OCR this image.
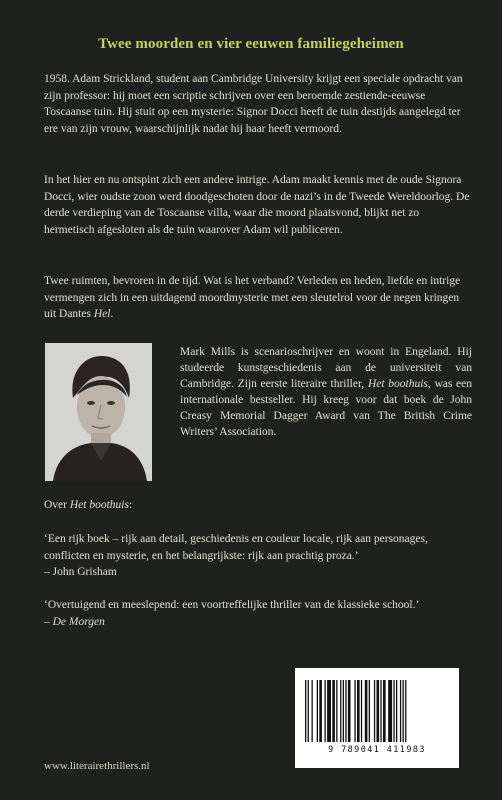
Twee moorden en vier eeuwen familiegeheimen

1958. Adam Strickland, student aan Cambridge University krijgt een speciale opdracht van zijn professor: hij moet een scriptie schrijven over een beroemde zestiende-eeuwse Toscaanse tuin. Hij stuit op een mysterie: Signor Docci heeft de tuin destijds aangelegd ter ere van zijn vrouw, waarschijnlijk nadat hij haar heeft vermoord.

In het hier en nu ontspint zich een andere intrige. Adam maakt kennis met de oude Signora Docci, wier oudste zoon werd doodgeschoten door de nazi’s in de Tweede Wereldoorlog. De derde verdieping van de Toscaanse villa, waar die moord plaatsvond, blijkt net zo hermetisch afgesloten als de tuin waarover Adam wil publiceren.

Twee ruimten, bevroren in de tijd. Wat is het verband? Verleden en heden, liefde en intrige vermengen zich in een uitdagend moordmysterie met een sleutelrol voor de negen kringen uit Dantes Hel.

Mark Mills is scenarioschrijver en woont in Engeland. Hij studeerde kunstgeschiedenis aan de universiteit van Cambridge. Zijn eerste literaire thriller, Het boothuis, was een internationale bestseller. Hij kreeg voor dat boek de John Creasy Memorial Dagger Award van The British Crime Writers’ Association.

Over Het boothuis:

‘Een rijk boek – rijk aan detail, geschiedenis en couleur locale, rijk aan personages, conflicten en mysterie, en het belangrijkste: rijk aan prachtig proza.’
– John Grisham

‘Overtuigend en meeslepend: een voortreffelijke thriller van de klassieke school.’
– De Morgen

9 789041 411983
www.literairethrillers.nl
